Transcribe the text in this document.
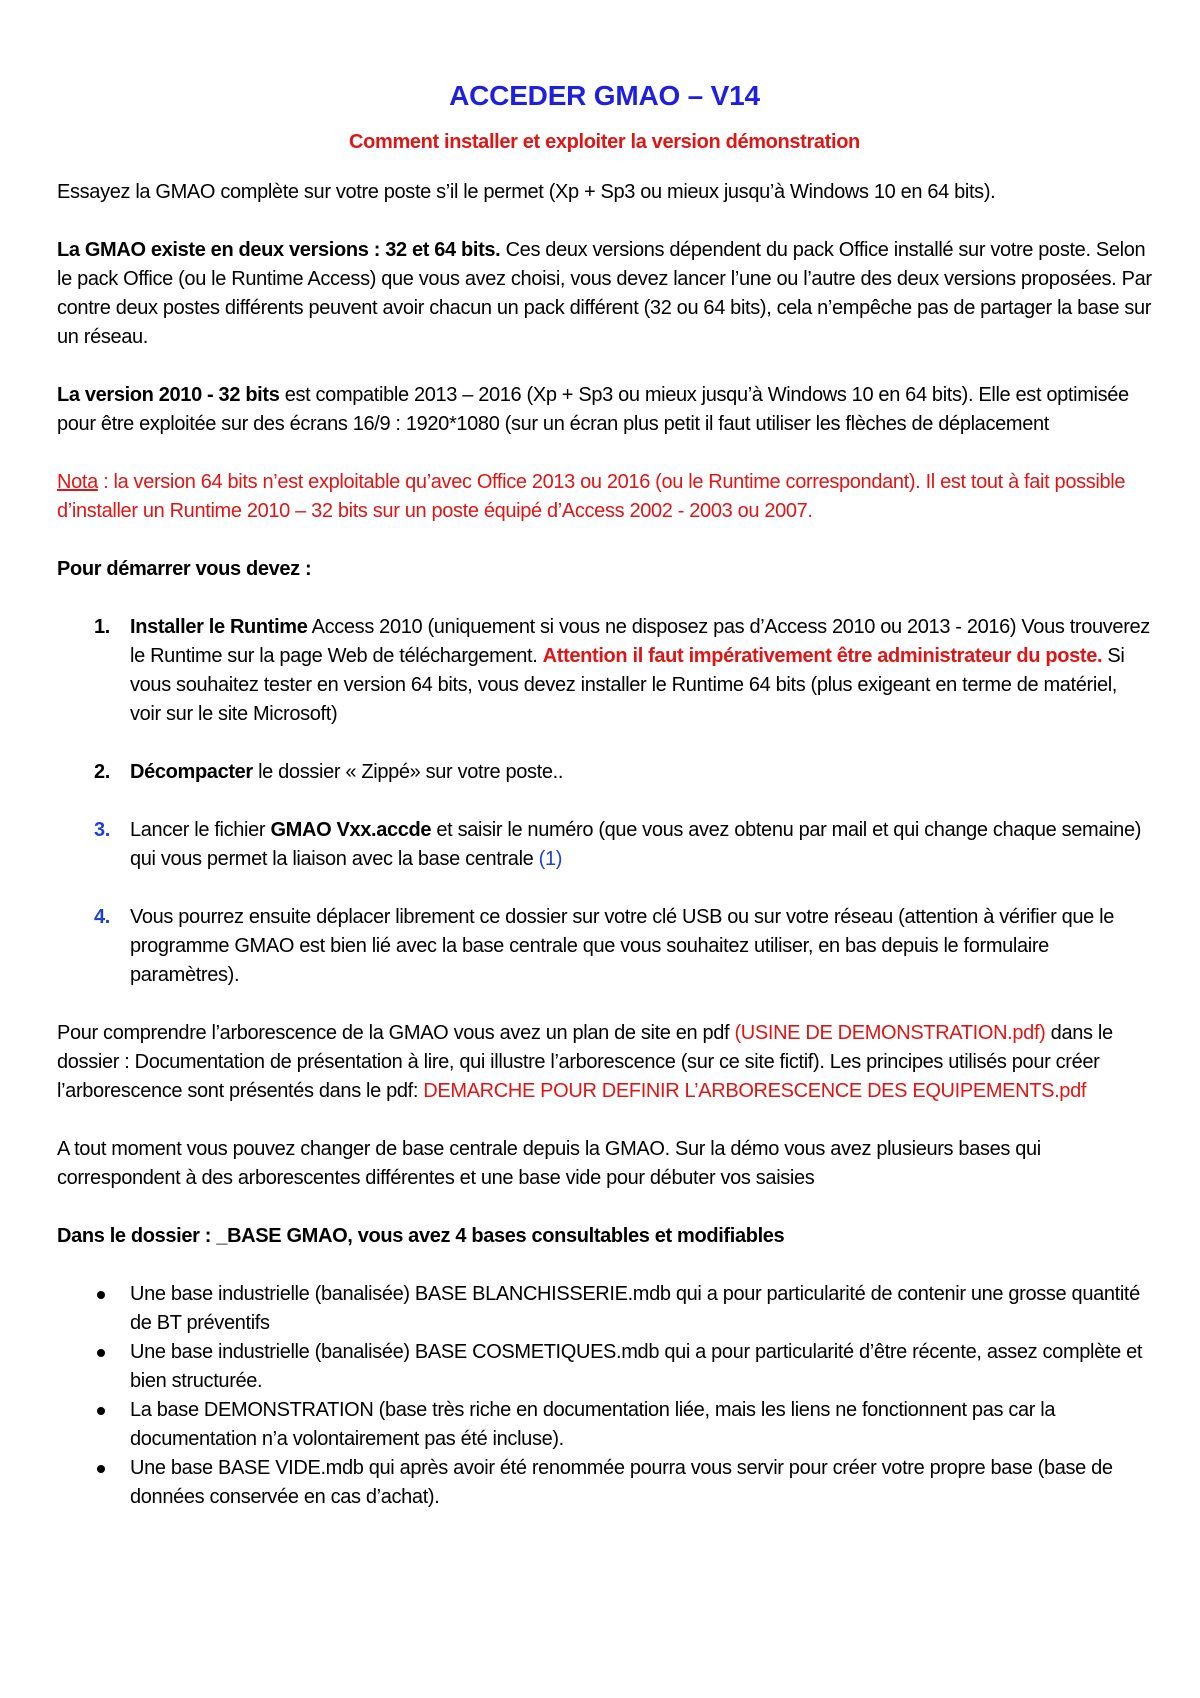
ACCEDER GMAO – V14
Comment installer et exploiter la version démonstration

Essayez la GMAO complète sur votre poste s’il le permet (Xp + Sp3 ou mieux jusqu’à Windows 10 en 64 bits).

La GMAO existe en deux versions : 32 et 64 bits. Ces deux versions dépendent du pack Office installé sur votre poste. Selon le pack Office (ou le Runtime Access) que vous avez choisi, vous devez lancer l’une ou l’autre des deux versions proposées. Par contre deux postes différents peuvent avoir chacun un pack différent (32 ou 64 bits), cela n’empêche pas de partager la base sur un réseau.

La version 2010 - 32 bits est compatible 2013 – 2016 (Xp + Sp3 ou mieux jusqu’à Windows 10 en 64 bits). Elle est optimisée pour être exploitée sur des écrans 16/9 : 1920*1080 (sur un écran plus petit il faut utiliser les flèches de déplacement

Nota : la version 64 bits n’est exploitable qu’avec Office 2013 ou 2016 (ou le Runtime correspondant). Il est tout à fait possible d’installer un Runtime 2010 – 32 bits sur un poste équipé d’Access 2002 - 2003 ou 2007.

Pour démarrer vous devez :

1. Installer le Runtime Access 2010 (uniquement si vous ne disposez pas d’Access 2010 ou 2013 - 2016) Vous trouverez le Runtime sur la page Web de téléchargement. Attention il faut impérativement être administrateur du poste. Si vous souhaitez tester en version 64 bits, vous devez installer le Runtime 64 bits (plus exigeant en terme de matériel, voir sur le site Microsoft)
2. Décompacter le dossier « Zippé» sur votre poste..
3. Lancer le fichier GMAO Vxx.accde et saisir le numéro (que vous avez obtenu par mail et qui change chaque semaine) qui vous permet la liaison avec la base centrale (1)
4. Vous pourrez ensuite déplacer librement ce dossier sur votre clé USB ou sur votre réseau (attention à vérifier que le programme GMAO est bien lié avec la base centrale que vous souhaitez utiliser, en bas depuis le formulaire paramètres).

Pour comprendre l’arborescence de la GMAO vous avez un plan de site en pdf (USINE DE DEMONSTRATION.pdf) dans le dossier : Documentation de présentation à lire, qui illustre l’arborescence (sur ce site fictif). Les principes utilisés pour créer l’arborescence sont présentés dans le pdf: DEMARCHE POUR DEFINIR L’ARBORESCENCE DES EQUIPEMENTS.pdf

A tout moment vous pouvez changer de base centrale depuis la GMAO. Sur la démo vous avez plusieurs bases qui correspondent à des arborescentes différentes et une base vide pour débuter vos saisies

Dans le dossier : _BASE GMAO, vous avez 4 bases consultables et modifiables

Une base industrielle (banalisée) BASE BLANCHISSERIE.mdb qui a pour particularité de contenir une grosse quantité de BT préventifs
Une base industrielle (banalisée) BASE COSMETIQUES.mdb qui a pour particularité d’être récente, assez complète et bien structurée.
La base DEMONSTRATION (base très riche en documentation liée, mais les liens ne fonctionnent pas car la documentation n’a volontairement pas été incluse).
Une base BASE VIDE.mdb qui après avoir été renommée pourra vous servir pour créer votre propre base (base de données conservée en cas d’achat).
